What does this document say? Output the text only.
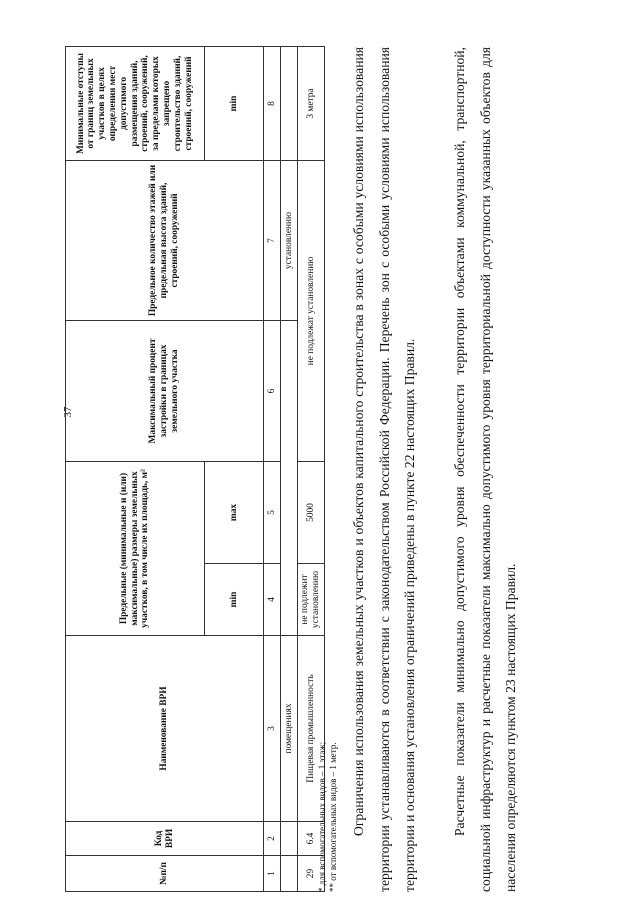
37
№п/п	Код ВРИ	Наименование ВРИ	Предельные (минимальные и (или) максимальные) размеры земельных участков, в том числе их площадь, м²		Максимальный процент застройки в границах земельного участка	Предельное количество этажей или предельная высота зданий, строений, сооружений	Минимальные отступы от границ земельных участков в целях определения мест допустимого размещения зданий, строений, сооружений, за пределами которых запрещено строительство зданий, строений, сооружений
			min	max			min
1	2	3	4	5	6	7	8
		помещениях				установлению	
29	6.4	Пищевая промышленность	не подлежит установлению	5000	не подлежат установлению		3 метра
* для вспомогательных видов – 1 этаж; ** от вспомогательных видов – 1 метр. Ограничения использования земельных участков и объектов капитального строительства в зонах с особыми условиями использования территории устанавливаются в соответствии с законодательством Российской Федерации. Перечень зон с особыми условиями использования территории и основания установления ограничений приведены в пункте 22 настоящих Правил.	Расчетные показатели минимально допустимого уровня обеспеченности территории объектами коммунальной, транспортной, социальной инфраструктур и расчетные показатели максимально допустимого уровня территориальной доступности указанных объектов для населения определяются пунктом 23 настоящих Правил.
